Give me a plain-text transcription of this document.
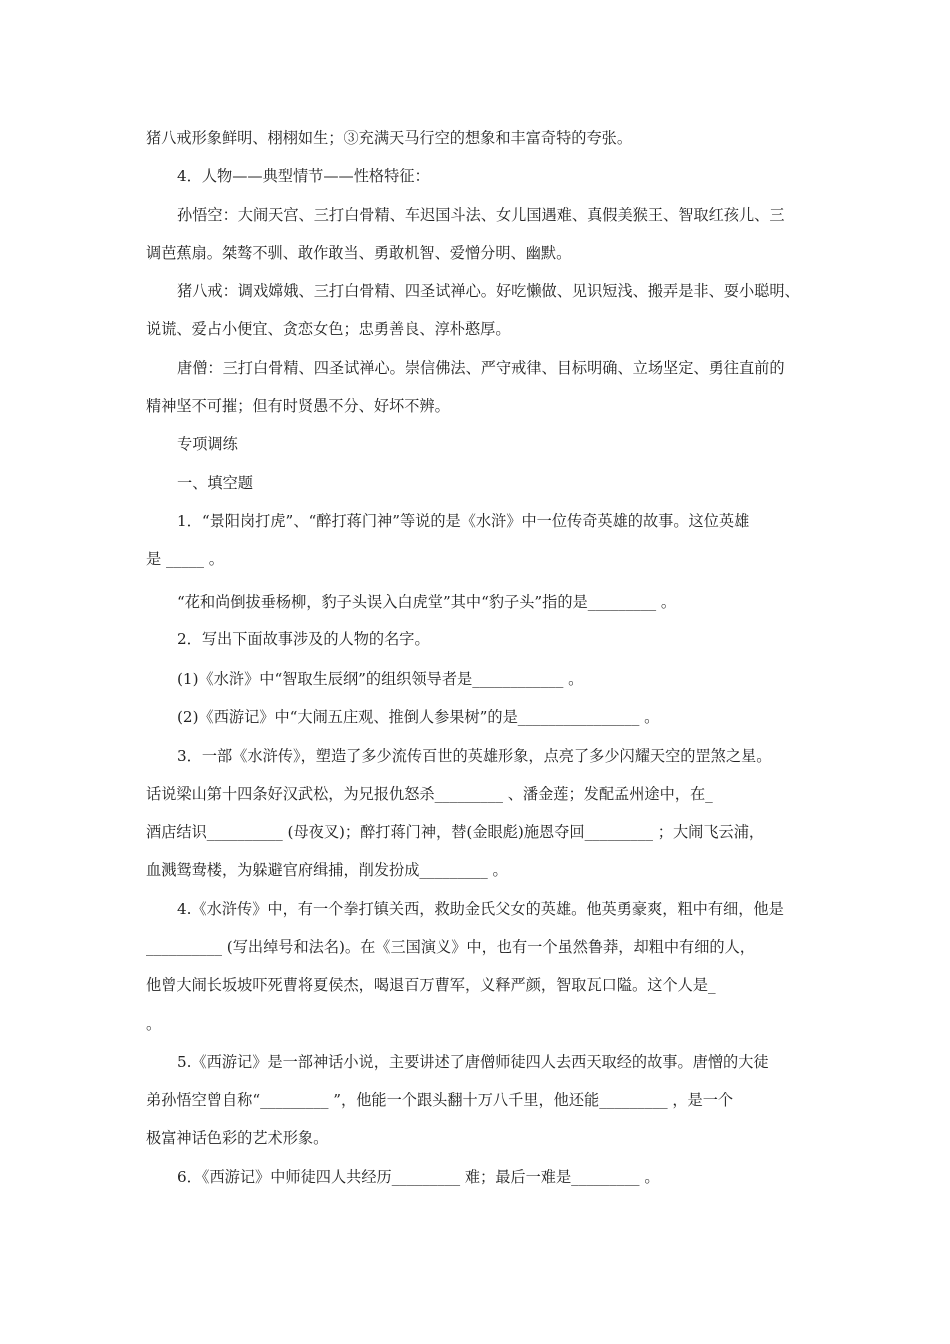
猪八戒形象鲜明、栩栩如生；③充满天马行空的想象和丰富奇特的夸张。
4．人物——典型情节——性格特征：
孙悟空：大闹天宫、三打白骨精、车迟国斗法、女儿国遇难、真假美猴王、智取红孩儿、三
调芭蕉扇。桀骜不驯、敢作敢当、勇敢机智、爱憎分明、幽默。
猪八戒：调戏嫦娥、三打白骨精、四圣试禅心。好吃懒做、见识短浅、搬弄是非、耍小聪明、
说谎、爱占小便宜、贪恋女色；忠勇善良、淳朴憨厚。
唐僧：三打白骨精、四圣试禅心。崇信佛法、严守戒律、目标明确、立场坚定、勇往直前的
精神坚不可摧；但有时贤愚不分、好坏不辨。
专项调练
一、填空题
1．“景阳岗打虎”、“醉打蒋门神”等说的是《水浒》中一位传奇英雄的故事。这位英雄
是 _____ 。
“花和尚倒拔垂杨柳，豹子头误入白虎堂”其中“豹子头”指的是_________ 。
2．写出下面故事涉及的人物的名字。
(1)《水浒》中“智取生辰纲”的组织领导者是____________ 。
(2)《西游记》中“大闹五庄观、推倒人参果树”的是________________ 。
3．一部《水浒传》，塑造了多少流传百世的英雄形象，点亮了多少闪耀天空的罡煞之星。
话说梁山第十四条好汉武松，为兄报仇怒杀_________ 、潘金莲；发配孟州途中，在_
酒店结识__________ (母夜叉)；醉打蒋门神，替(金眼彪)施恩夺回_________ ；大闹飞云浦，
血溅鸳鸯楼，为躲避官府缉捕，削发扮成_________ 。
4.《水浒传》中，有一个拳打镇关西，救助金氏父女的英雄。他英勇豪爽，粗中有细，他是
__________ (写出绰号和法名)。在《三国演义》中，也有一个虽然鲁莽，却粗中有细的人，
他曾大闹长坂坡吓死曹将夏侯杰，喝退百万曹军，义释严颜，智取瓦口隘。这个人是_
。
5.《西游记》是一部神话小说，主要讲述了唐僧师徒四人去西天取经的故事。唐憎的大徒
弟孙悟空曾自称“_________ ”，他能一个跟头翻十万八千里，他还能_________ ，是一个
极富神话色彩的艺术形象。
6．《西游记》中师徒四人共经历_________ 难；最后一难是_________ 。
